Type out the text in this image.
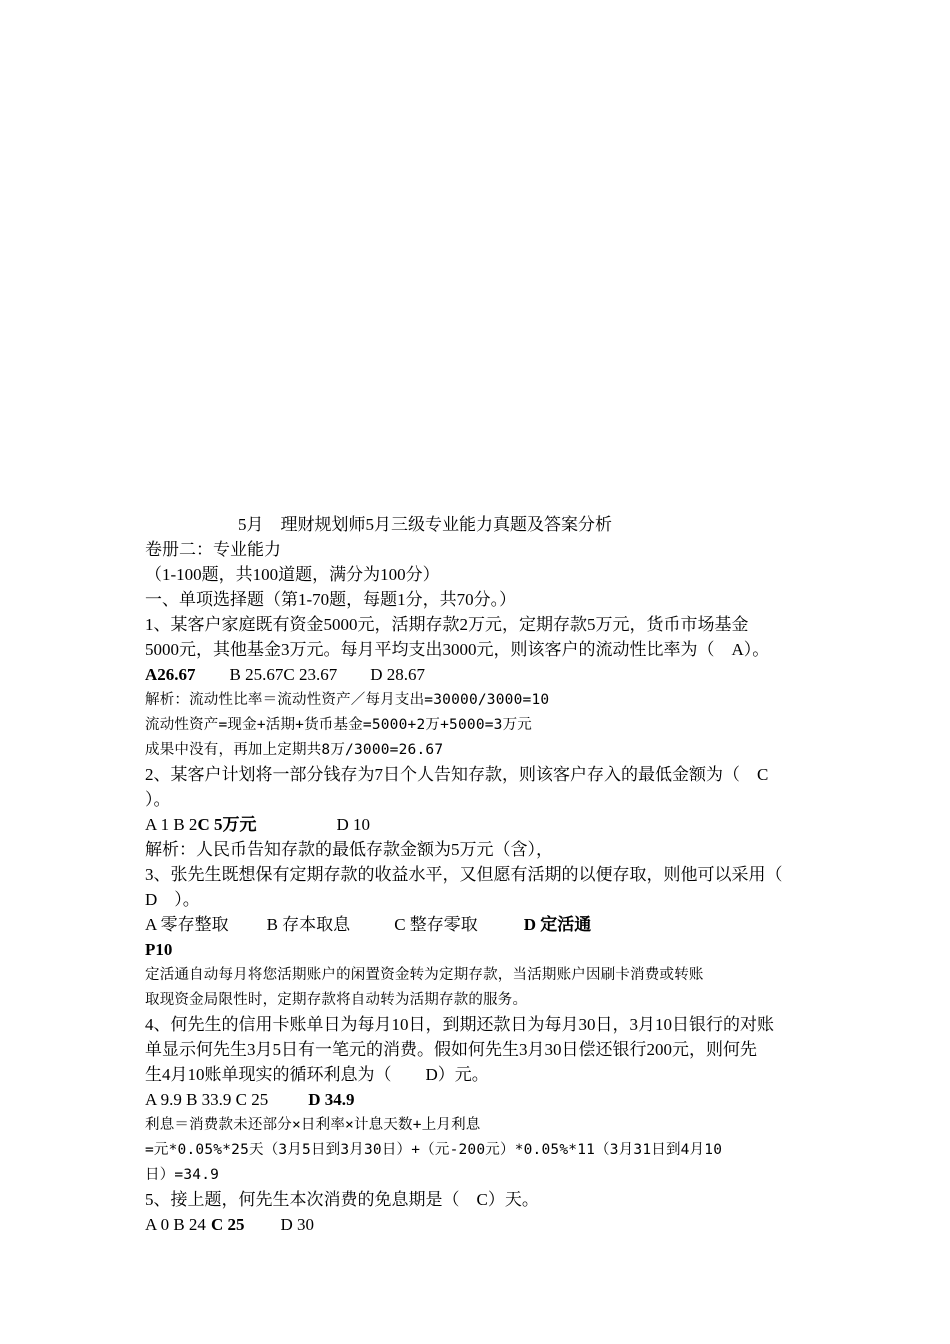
5月　理财规划师5月三级专业能力真题及答案分析
卷册二：专业能力
（1-100题，共100道题，满分为100分）
一、单项选择题（第1-70题，每题1分，共70分。）
1、某客户家庭既有资金5000元，活期存款2万元，定期存款5万元，货币市场基金
5000元，其他基金3万元。每月平均支出3000元，则该客户的流动性比率为（　A）。
A26.67 B 25.67C 23.67 D 28.67
解析：流动性比率＝流动性资产／每月支出=30000/3000=10
流动性资产=现金+活期+货币基金=5000+2万+5000=3万元
成果中没有，再加上定期共8万/3000=26.67
2、某客户计划将一部分钱存为7日个人告知存款，则该客户存入的最低金额为（　C
）。
A 1 B 2C 5万元	D 10
解析：人民币告知存款的最低存款金额为5万元（含），
3、张先生既想保有定期存款的收益水平，又但愿有活期的以便存取，则他可以采用（
D　）。
A 零存整取 B 存本取息	C 整存零取	D 定活通
P10
定活通自动每月将您活期账户的闲置资金转为定期存款，当活期账户因刷卡消费或转账
取现资金局限性时，定期存款将自动转为活期存款的服务。
4、何先生的信用卡账单日为每月10日，到期还款日为每月30日，3月10日银行的对账
单显示何先生3月5日有一笔元的消费。假如何先生3月30日偿还银行200元，则何先
生4月10账单现实的循环利息为（　　D）元。
A 9.9 B 33.9 C 25 D 34.9
利息＝消费款未还部分×日利率×计息天数+上月利息
=元*0.05%*25天（3月5日到3月30日）+（元-200元）*0.05%*11（3月31日到4月10
日）=34.9
5、接上题，何先生本次消费的免息期是（　C）天。
A 0 B 24 C 25 D 30
